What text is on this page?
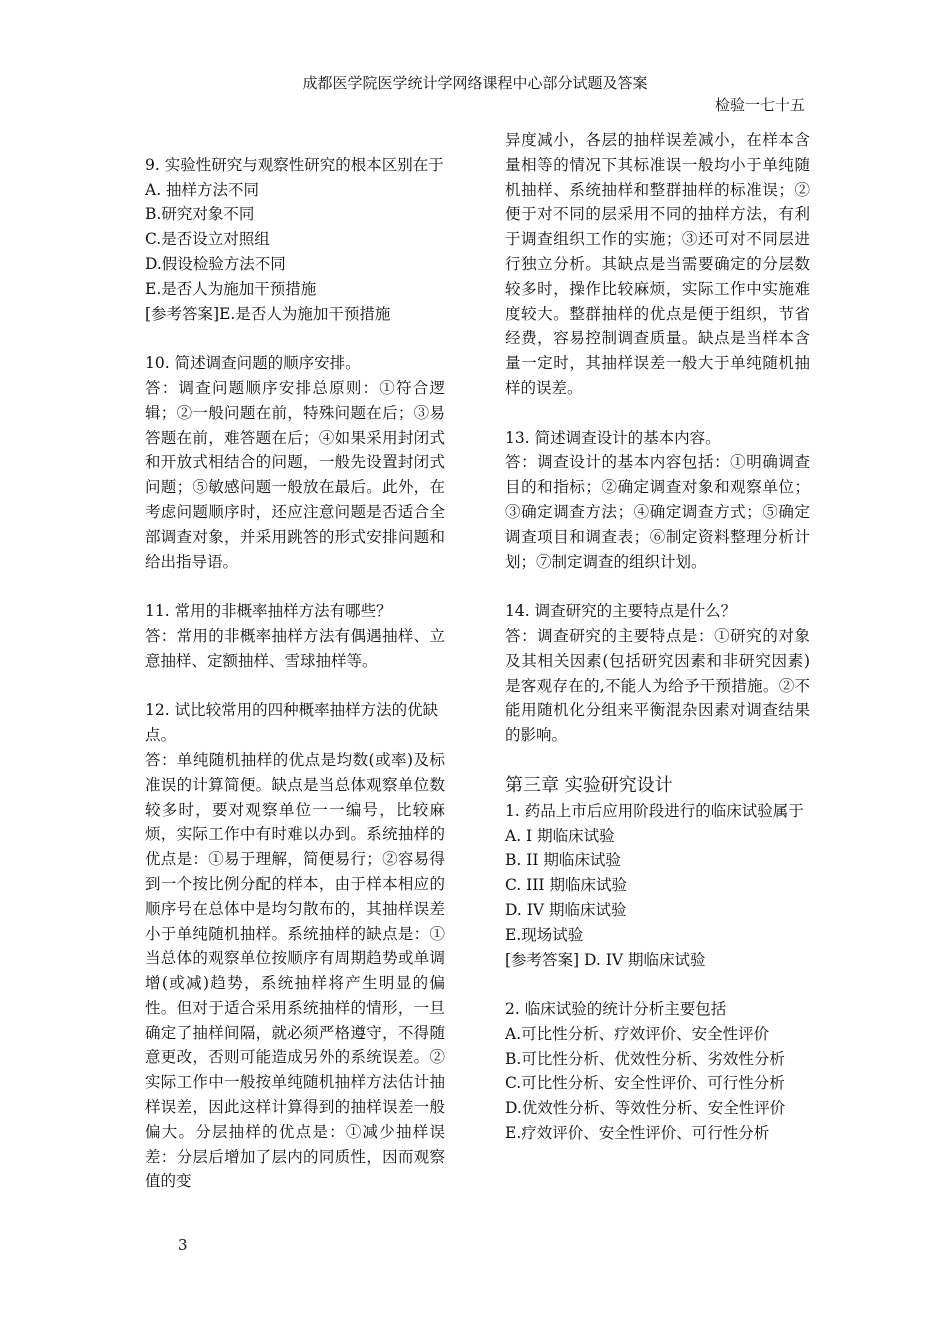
成都医学院医学统计学网络课程中心部分试题及答案
检验一七十五

9. 实验性研究与观察性研究的根本区别在于

A. 抽样方法不同

B.研究对象不同

C.是否设立对照组

D.假设检验方法不同

E.是否人为施加干预措施

[参考答案]E.是否人为施加干预措施

10. 简述调查问题的顺序安排。

答：调查问题顺序安排总原则：①符合逻辑；②一般问题在前，特殊问题在后；③易答题在前，难答题在后；④如果采用封闭式和开放式相结合的问题，一般先设置封闭式问题；⑤敏感问题一般放在最后。此外，在考虑问题顺序时，还应注意问题是否适合全部调查对象，并采用跳答的形式安排问题和给出指导语。

11. 常用的非概率抽样方法有哪些？

答：常用的非概率抽样方法有偶遇抽样、立意抽样、定额抽样、雪球抽样等。

12. 试比较常用的四种概率抽样方法的优缺点。

答：单纯随机抽样的优点是均数(或率)及标准误的计算简便。缺点是当总体观察单位数较多时，要对观察单位一一编号，比较麻烦，实际工作中有时难以办到。系统抽样的优点是：①易于理解，简便易行；②容易得到一个按比例分配的样本，由于样本相应的顺序号在总体中是均匀散布的，其抽样误差小于单纯随机抽样。系统抽样的缺点是：①当总体的观察单位按顺序有周期趋势或单调增(或减)趋势，系统抽样将产生明显的偏性。但对于适合采用系统抽样的情形，一旦确定了抽样间隔，就必须严格遵守，不得随意更改，否则可能造成另外的系统误差。②实际工作中一般按单纯随机抽样方法估计抽样误差，因此这样计算得到的抽样误差一般偏大。分层抽样的优点是：①减少抽样误差：分层后增加了层内的同质性，因而观察值的变

异度减小，各层的抽样误差减小，在样本含量相等的情况下其标准误一般均小于单纯随机抽样、系统抽样和整群抽样的标准误；②便于对不同的层采用不同的抽样方法，有利于调查组织工作的实施；③还可对不同层进行独立分析。其缺点是当需要确定的分层数较多时，操作比较麻烦，实际工作中实施难度较大。整群抽样的优点是便于组织，节省经费，容易控制调查质量。缺点是当样本含量一定时，其抽样误差一般大于单纯随机抽样的误差。

13. 简述调查设计的基本内容。

答：调查设计的基本内容包括：①明确调查目的和指标；②确定调查对象和观察单位；③确定调查方法；④确定调查方式；⑤确定调查项目和调查表；⑥制定资料整理分析计划；⑦制定调查的组织计划。

14. 调查研究的主要特点是什么？

答：调查研究的主要特点是：①研究的对象及其相关因素(包括研究因素和非研究因素)是客观存在的,不能人为给予干预措施。②不能用随机化分组来平衡混杂因素对调查结果的影响。

第三章 实验研究设计

1. 药品上市后应用阶段进行的临床试验属于

A. I 期临床试验

B. II 期临床试验

C. III 期临床试验

D. IV 期临床试验

E.现场试验

[参考答案] D. IV 期临床试验

2. 临床试验的统计分析主要包括

A.可比性分析、疗效评价、安全性评价

B.可比性分析、优效性分析、劣效性分析

C.可比性分析、安全性评价、可行性分析

D.优效性分析、等效性分析、安全性评价

E.疗效评价、安全性评价、可行性分析

3
